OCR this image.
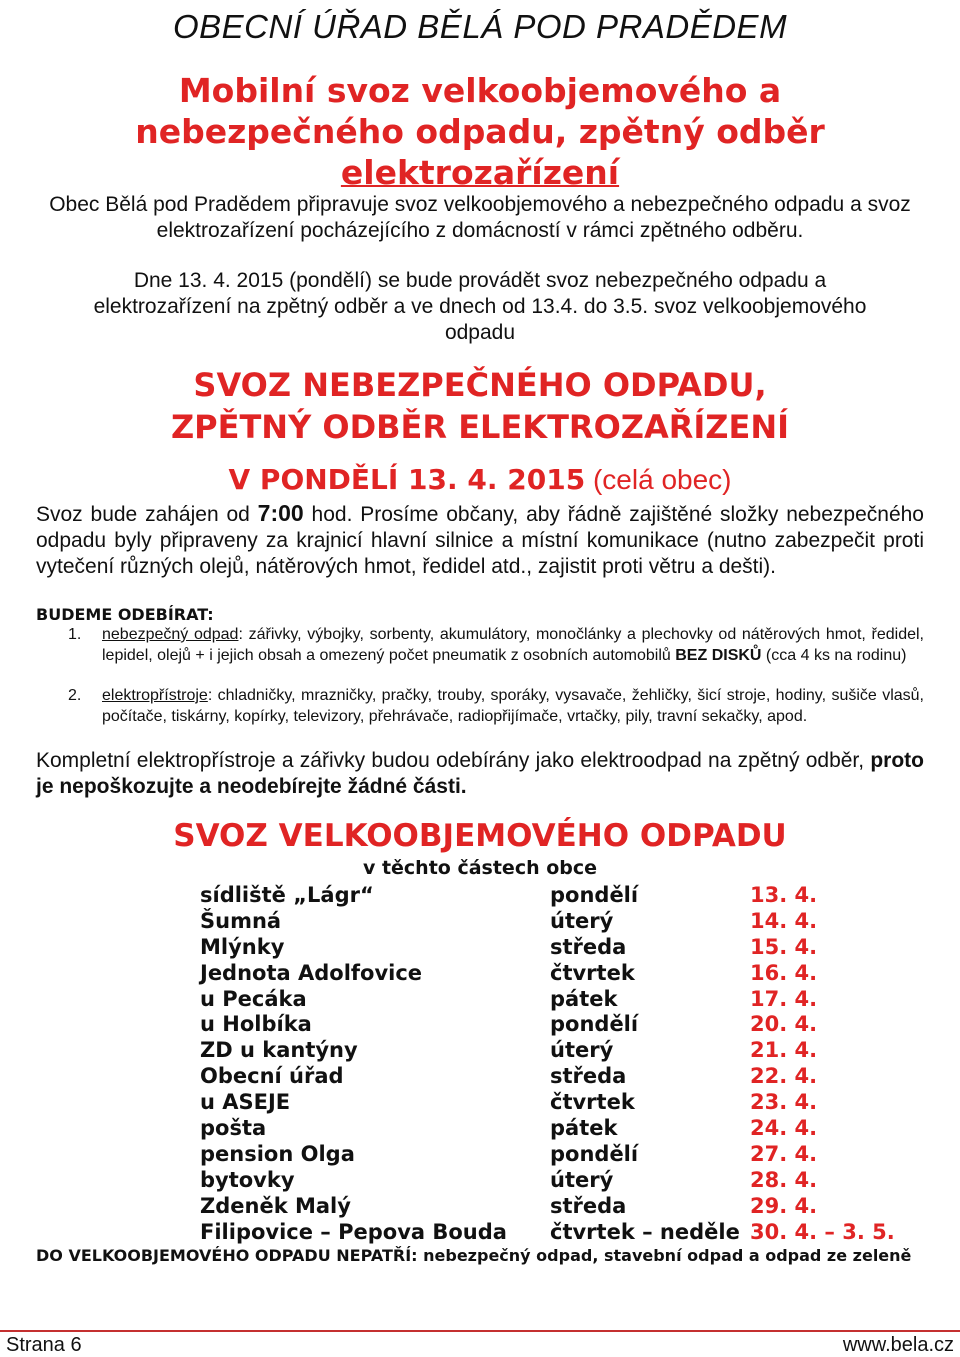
OBECNÍ ÚŘAD BĚLÁ POD PRADĚDEM
Mobilní svoz velkoobjemového a
nebezpečného odpadu, zpětný odběr
elektrozařízení
Obec Bělá pod Pradědem připravuje svoz velkoobjemového a nebezpečného odpadu a svoz elektrozařízení pocházejícího z domácností v rámci zpětného odběru.
Dne 13. 4. 2015 (pondělí) se bude provádět svoz nebezpečného odpadu a elektrozařízení na zpětný odběr a ve dnech od 13.4. do 3.5. svoz velkoobjemového odpadu
SVOZ NEBEZPEČNÉHO ODPADU,
ZPĚTNÝ ODBĚR ELEKTROZAŘÍZENÍ
V PONDĚLÍ 13. 4. 2015 (celá obec)
Svoz bude zahájen od 7:00 hod. Prosíme občany, aby řádně zajištěné složky nebezpečného odpadu byly připraveny za krajnicí hlavní silnice a místní komunikace (nutno zabezpečit proti vytečení různých olejů, nátěrových hmot, ředidel atd., zajistit proti větru a dešti).
BUDEME ODEBÍRAT:
1. nebezpečný odpad: zářivky, výbojky, sorbenty, akumulátory, monočlánky a plechovky od nátěrových hmot, ředidel, lepidel, olejů + i jejich obsah a omezený počet pneumatik z osobních automobilů BEZ DISKŮ (cca 4 ks na rodinu)
2. elektropřístroje: chladničky, mrazničky, pračky, trouby, sporáky, vysavače, žehličky, šicí stroje, hodiny, sušiče vlasů, počítače, tiskárny, kopírky, televizory, přehrávače, radiopřijímače, vrtačky, pily, travní sekačky, apod.
Kompletní elektropřístroje a zářivky budou odebírány jako elektroodpad na zpětný odběr, proto je nepoškozujte a neodebírejte žádné části.
SVOZ VELKOOBJEMOVÉHO ODPADU
v těchto částech obce
sídliště „Lágr“	pondělí	13. 4.
Šumná	úterý	14. 4.
Mlýnky	středa	15. 4.
Jednota Adolfovice	čtvrtek	16. 4.
u Pecáka	pátek	17. 4.
u Holbíka	pondělí	20. 4.
ZD u kantýny	úterý	21. 4.
Obecní úřad	středa	22. 4.
u ASEJE	čtvrtek	23. 4.
pošta	pátek	24. 4.
pension Olga	pondělí	27. 4.
bytovky	úterý	28. 4.
Zdeněk Malý	středa	29. 4.
Filipovice – Pepova Bouda	čtvrtek – neděle	30. 4. – 3. 5.
DO VELKOOBJEMOVÉHO ODPADU NEPATŘÍ: nebezpečný odpad, stavební odpad a odpad ze zeleně
Strana 6	www.bela.cz
